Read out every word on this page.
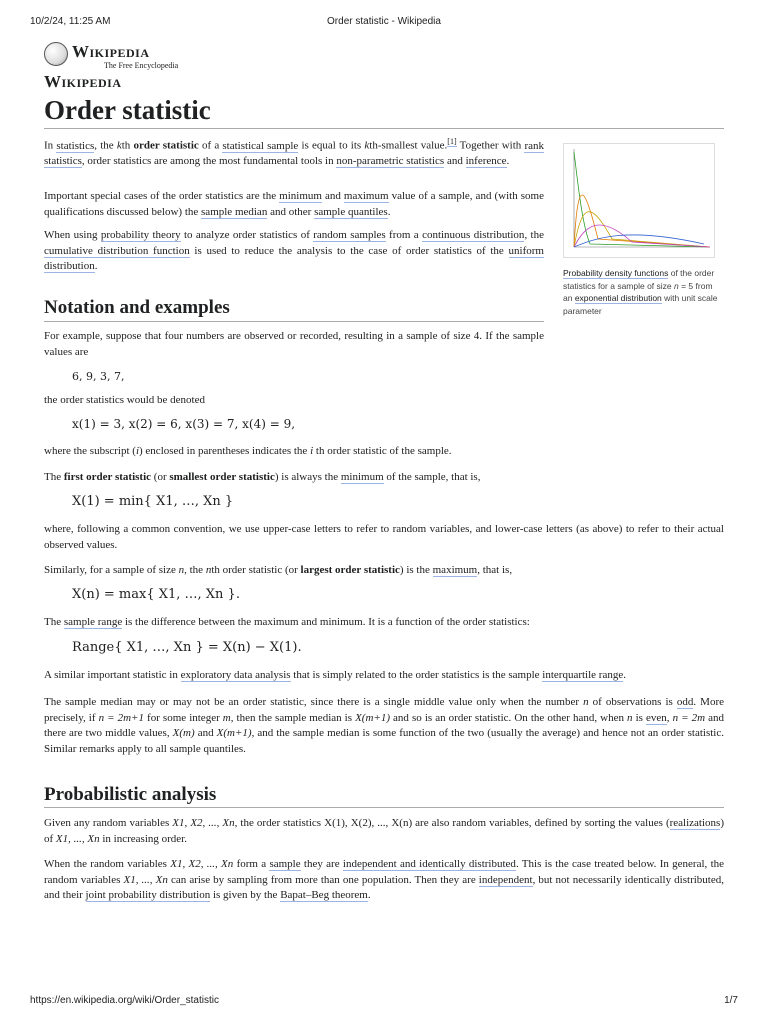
10/2/24, 11:25 AM	Order statistic - Wikipedia
https://en.wikipedia.org/wiki/Order_statistic	1/7
Wikipedia
The Free Encyclopedia
Wikipedia
Order statistic

In statistics, the kth order statistic of a statistical sample is equal to its kth-smallest value.[1] Together with rank statistics, order statistics are among the most fundamental tools in non-parametric statistics and inference.

Important special cases of the order statistics are the minimum and maximum value of a sample, and (with some qualifications discussed below) the sample median and other sample quantiles.

When using probability theory to analyze order statistics of random samples from a continuous distribution, the cumulative distribution function is used to reduce the analysis to the case of order statistics of the uniform distribution.

Probability density functions of the order statistics for a sample of size n = 5 from an exponential distribution with unit scale parameter
Notation and examples

For example, suppose that four numbers are observed or recorded, resulting in a sample of size 4. If the sample values are

6, 9, 3, 7,

the order statistics would be denoted

x(1) = 3, x(2) = 6, x(3) = 7, x(4) = 9,

where the subscript (i) enclosed in parentheses indicates the i th order statistic of the sample.

The first order statistic (or smallest order statistic) is always the minimum of the sample, that is,

X(1) = min{ X1, …, Xn }

where, following a common convention, we use upper-case letters to refer to random variables, and lower-case letters (as above) to refer to their actual observed values.

Similarly, for a sample of size n, the nth order statistic (or largest order statistic) is the maximum, that is,

X(n) = max{ X1, …, Xn }.

The sample range is the difference between the maximum and minimum. It is a function of the order statistics:

Range{ X1, …, Xn } = X(n) − X(1).

A similar important statistic in exploratory data analysis that is simply related to the order statistics is the sample interquartile range.

The sample median may or may not be an order statistic, since there is a single middle value only when the number n of observations is odd. More precisely, if n = 2m+1 for some integer m, then the sample median is X(m+1) and so is an order statistic. On the other hand, when n is even, n = 2m and there are two middle values, X(m) and X(m+1), and the sample median is some function of the two (usually the average) and hence not an order statistic. Similar remarks apply to all sample quantiles.

Probabilistic analysis

Given any random variables X1, X2, ..., Xn, the order statistics X(1), X(2), ..., X(n) are also random variables, defined by sorting the values (realizations) of X1, ..., Xn in increasing order.

When the random variables X1, X2, ..., Xn form a sample they are independent and identically distributed. This is the case treated below. In general, the random variables X1, ..., Xn can arise by sampling from more than one population. Then they are independent, but not necessarily identically distributed, and their joint probability distribution is given by the Bapat–Beg theorem.
